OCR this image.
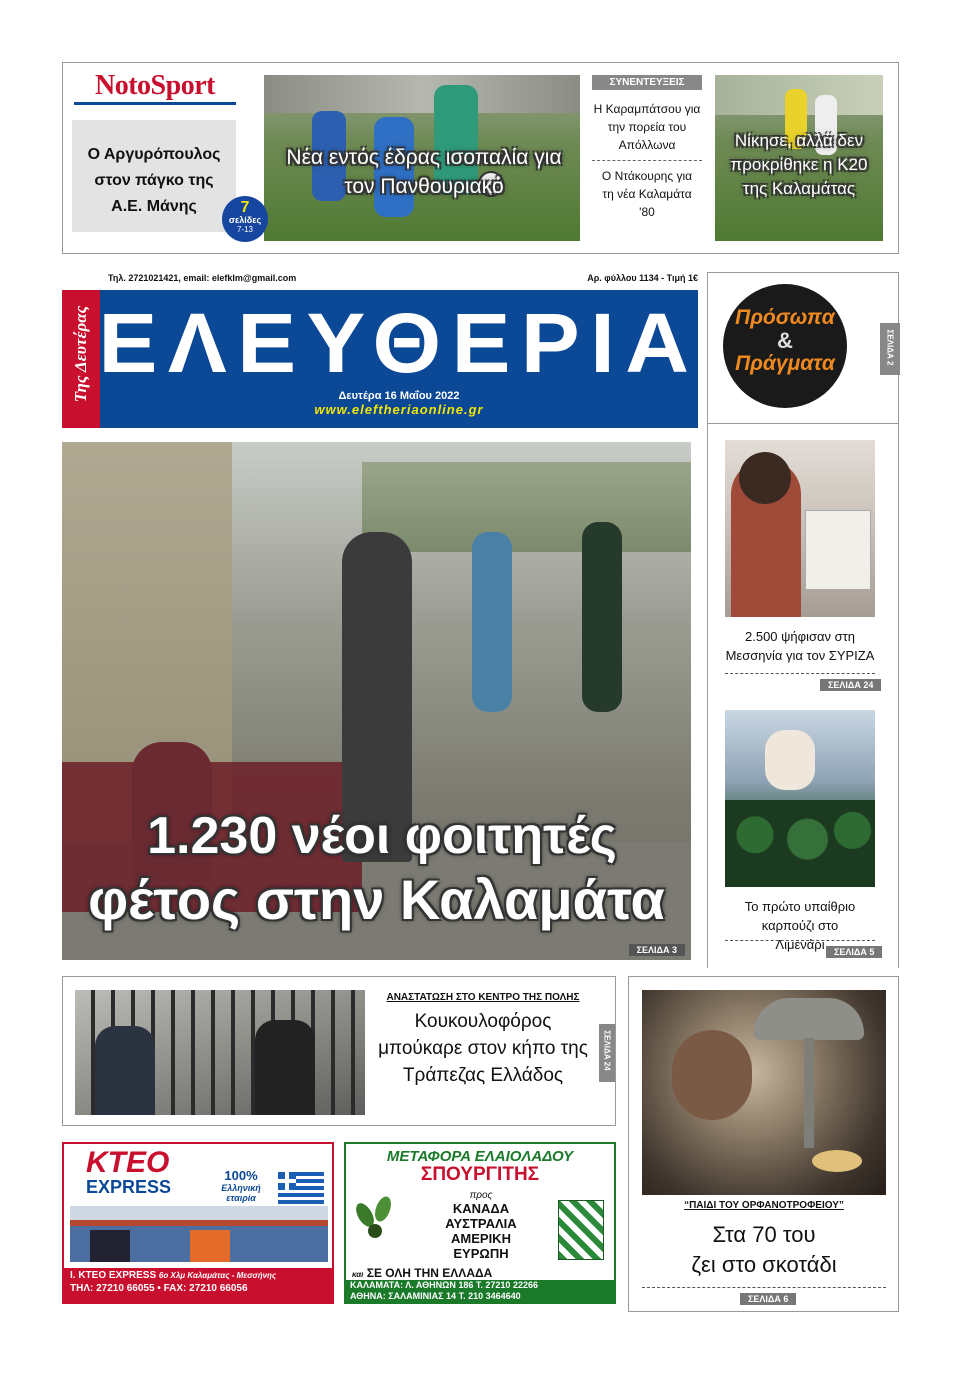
NotoSport
Ο Αργυρόπουλος στον πάγκο της Α.Ε. Μάνης
Νέα εντός έδρας ισοπαλία για τον Πανθουριακό
7
σελίδες
7-13
ΣΥΝΕΝΤΕΥΞΕΙΣ
Η Καραμπάτσου για την πορεία του Απόλλωνα
Ο Ντάκουρης για τη νέα Καλαμάτα '80
Νίκησε, αλλά δεν προκρίθηκε η Κ20 της Καλαμάτας
Τηλ. 2721021421, email: elefklm@gmail.com	Αρ. φύλλου 1134 - Τιμή 1€
Της Δευτέρας ΕΛΕΥΘΕΡΙΑ
Δευτέρα 16 Μαΐου 2022
www.eleftheriaonline.gr
Πρόσωπα
&
Πράγματα	ΣΕΛΙΔΑ 2
1.230 νέοι φοιτητές
φέτος στην Καλαμάτα
ΣΕΛΙΔΑ 3
2.500 ψήφισαν στη Μεσσηνία για τον ΣΥΡΙΖΑ
ΣΕΛΙΔΑ 24
Το πρώτο υπαίθριο καρπούζι στο Λιμενάρι	ΣΕΛΙΔΑ 5
ΑΝΑΣΤΑΤΩΣΗ ΣΤΟ ΚΕΝΤΡΟ ΤΗΣ ΠΟΛΗΣ
Κουκουλοφόρος μπούκαρε στον κήπο της Τράπεζας Ελλάδος
ΣΕΛΙΔΑ 24
“ΠΑΙΔΙ ΤΟΥ ΟΡΦΑΝΟΤΡΟΦΕΙΟΥ”
Στα 70 του
ζει στο σκοτάδι
ΣΕΛΙΔΑ 6
ΚΤΕΟ
EXPRESS
100%
Ελληνική εταιρία
Ι. ΚΤΕΟ EXPRESS 6o Χλμ Καλαμάτας - Μεσσήνης
ΤΗΛ: 27210 66055 • FAX: 27210 66056
ΜΕΤΑΦΟΡΑ ΕΛΑΙΟΛΑΔΟΥ
ΣΠΟΥΡΓΙΤΗΣ
προς
ΚΑΝΑΔΑ
ΑΥΣΤΡΑΛΙΑ
ΑΜΕΡΙΚΗ
ΕΥΡΩΠΗ
και ΣΕ ΟΛΗ ΤΗΝ ΕΛΛΑΔΑ
ΚΑΛΑΜΑΤΑ: Λ. ΑΘΗΝΩΝ 186 Τ. 27210 22266
ΑΘΗΝΑ: ΣΑΛΑΜΙΝΙΑΣ 14 Τ. 210 3464640
